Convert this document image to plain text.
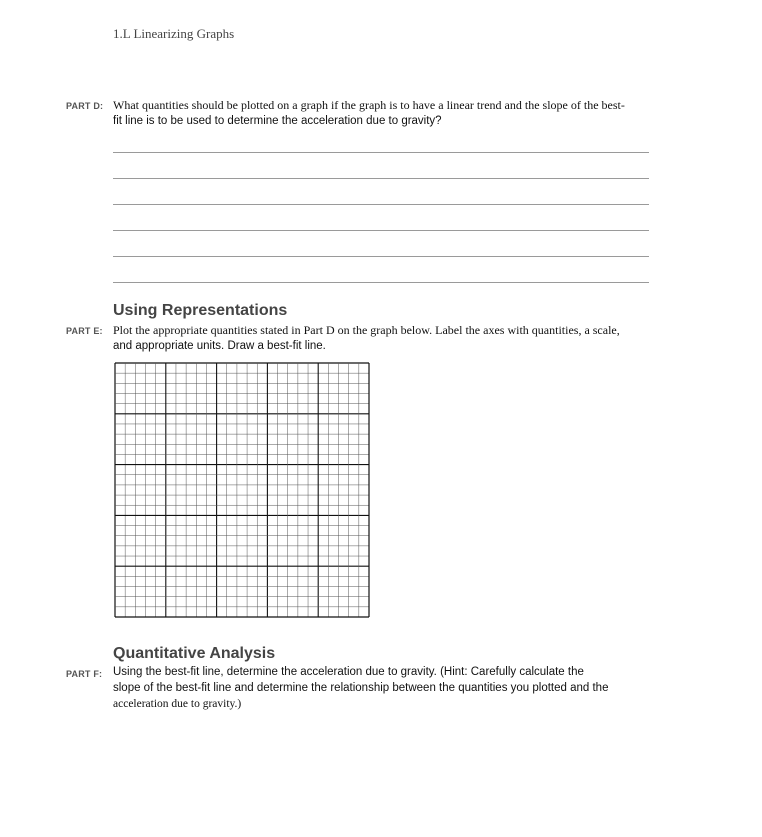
1.L Linearizing Graphs
PART D: What quantities should be plotted on a graph if the graph is to have a linear trend and the slope of the best-
fit line is to be used to determine the acceleration due to gravity?
Using Representations
PART E: Plot the appropriate quantities stated in Part D on the graph below. Label the axes with quantities, a scale,
and appropriate units. Draw a best-fit line.
Quantitative Analysis
PART F: Using the best-fit line, determine the acceleration due to gravity. (Hint: Carefully calculate the
slope of the best-fit line and determine the relationship between the quantities you plotted and the
acceleration due to gravity.)
